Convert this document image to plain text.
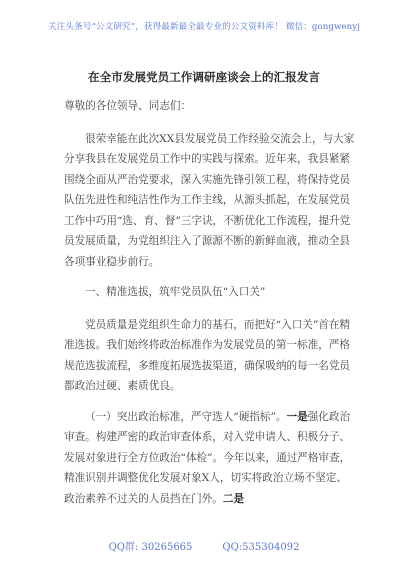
关注头条号“公文研究”，获得最新最全最专业的公文资料库！ 微信：gongwenyj
在全市发展党员工作调研座谈会上的汇报发言

尊敬的各位领导、同志们：

很荣幸能在此次XX县发展党员工作经验交流会上，与大家分享我县在发展党员工作中的实践与探索。近年来，我县紧紧围绕全面从严治党要求，深入实施先锋引领工程，将保持党员队伍先进性和纯洁性作为工作主线，从源头抓起，在发展党员工作中巧用“选、育、督”三字诀，不断优化工作流程，提升党员发展质量，为党组织注入了源源不断的新鲜血液，推动全县各项事业稳步前行。

一、精准选拔，筑牢党员队伍“入口关”

党员质量是党组织生命力的基石，而把好“入口关”首在精准选拔。我们始终将政治标准作为发展党员的第一标准，严格规范选拔流程，多维度拓展选拔渠道，确保吸纳的每一名党员都政治过硬、素质优良。

（一）突出政治标准，严守选人“硬指标”。一是强化政治审查。构建严密的政治审查体系，对入党申请人、积极分子、发展对象进行全方位政治“体检”。今年以来，通过严格审查，精准识别并调整优化发展对象X人，切实将政治立场不坚定、政治素养不过关的人员挡在门外。二是

QQ群: 30265665	QQ:535304092
